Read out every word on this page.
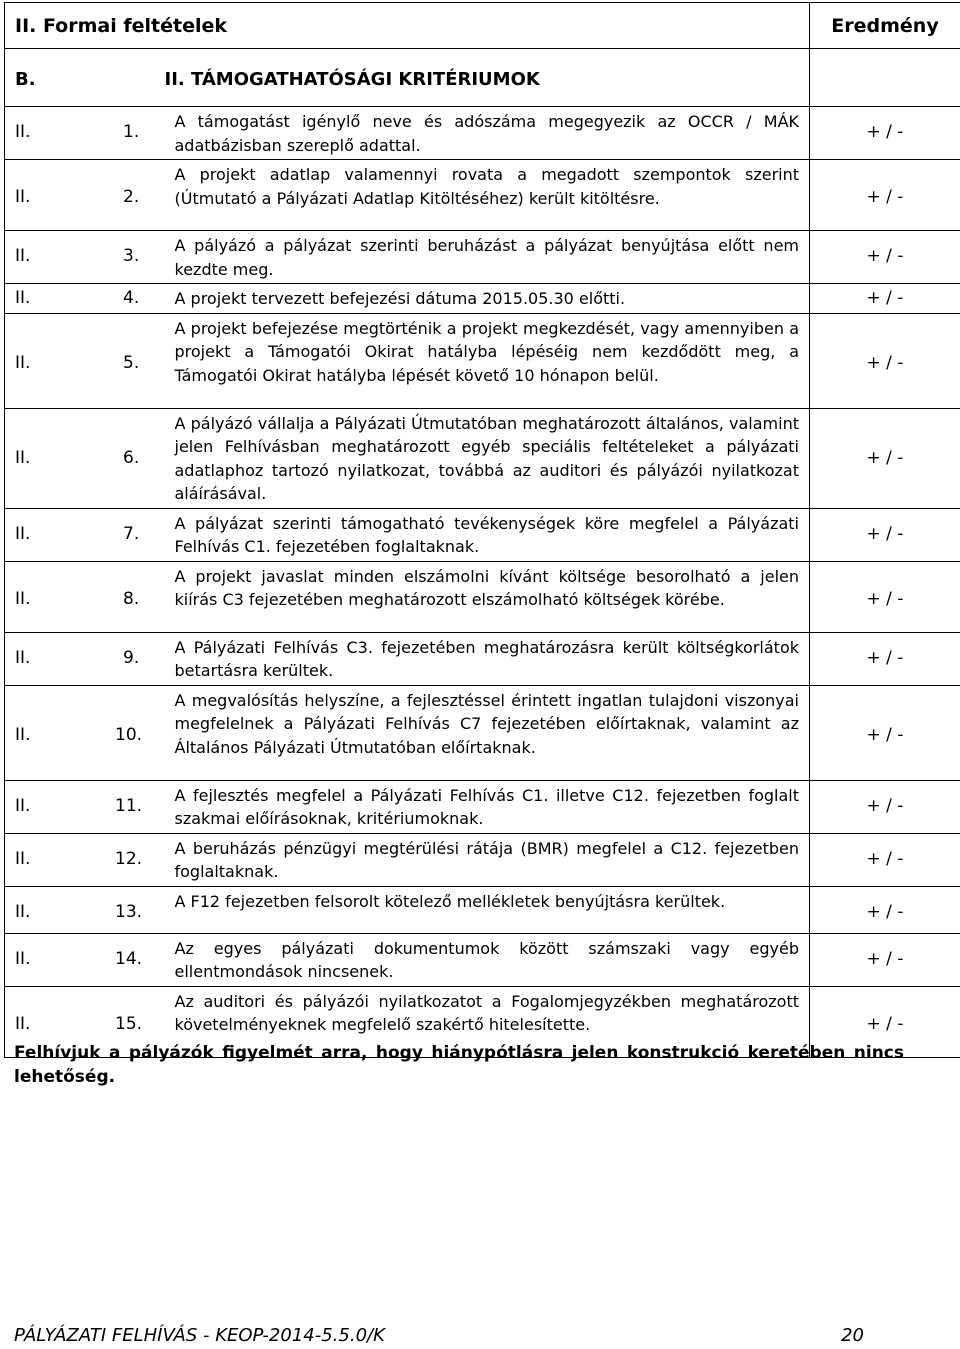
II. Formai feltételek		Eredmény
B.	II. TÁMOGATHATÓSÁGI KRITÉRIUMOK	

II. 1.	A támogatást igénylő neve és adószáma megegyezik az OCCR / MÁK adatbázisban szereplő adattal.	+ / -

II. 2.	A projekt adatlap valamennyi rovata a megadott szempontok szerint (Útmutató a Pályázati Adatlap Kitöltéséhez) került kitöltésre.	+ / -

II. 3.	A pályázó a pályázat szerinti beruházást a pályázat benyújtása előtt nem kezdte meg.	+ / -

II. 4.	A projekt tervezett befejezési dátuma 2015.05.30 előtti.	+ / -

II. 5.	A projekt befejezése megtörténik a projekt megkezdését, vagy amennyiben a projekt a Támogatói Okirat hatályba lépéséig nem kezdődött meg, a Támogatói Okirat hatályba lépését követő 10 hónapon belül.	+ / -

II. 6.	A pályázó vállalja a Pályázati Útmutatóban meghatározott általános, valamint jelen Felhívásban meghatározott egyéb speciális feltételeket a pályázati adatlaphoz tartozó nyilatkozat, továbbá az auditori és pályázói nyilatkozat aláírásával.	+ / -

II. 7.	A pályázat szerinti támogatható tevékenységek köre megfelel a Pályázati Felhívás C1. fejezetében foglaltaknak.	+ / -

II. 8.	A projekt javaslat minden elszámolni kívánt költsége besorolható a jelen kiírás C3 fejezetében meghatározott elszámolható költségek körébe.	+ / -

II. 9.	A Pályázati Felhívás C3. fejezetében meghatározásra került költségkorlátok betartásra kerültek.	+ / -

II. 10.	A megvalósítás helyszíne, a fejlesztéssel érintett ingatlan tulajdoni viszonyai megfelelnek a Pályázati Felhívás C7 fejezetében előírtaknak, valamint az Általános Pályázati Útmutatóban előírtaknak.	+ / -

II. 11.	A fejlesztés megfelel a Pályázati Felhívás C1. illetve C12. fejezetben foglalt szakmai előírásoknak, kritériumoknak.	+ / -

II. 12.	A beruházás pénzügyi megtérülési rátája (BMR) megfelel a C12. fejezetben foglaltaknak.	+ / -

II. 13.	A F12 fejezetben felsorolt kötelező mellékletek benyújtásra kerültek.	+ / -

II. 14.	Az egyes pályázati dokumentumok között számszaki vagy egyéb ellentmondások nincsenek.	+ / -

II. 15.	Az auditori és pályázói nyilatkozatot a Fogalomjegyzékben meghatározott követelményeknek megfelelő szakértő hitelesítette.	+ / -
Felhívjuk a pályázók figyelmét arra, hogy hiánypótlásra jelen konstrukció keretében nincs lehetőség.
PÁLYÁZATI FELHÍVÁS - KEOP-2014-5.5.0/K	20
